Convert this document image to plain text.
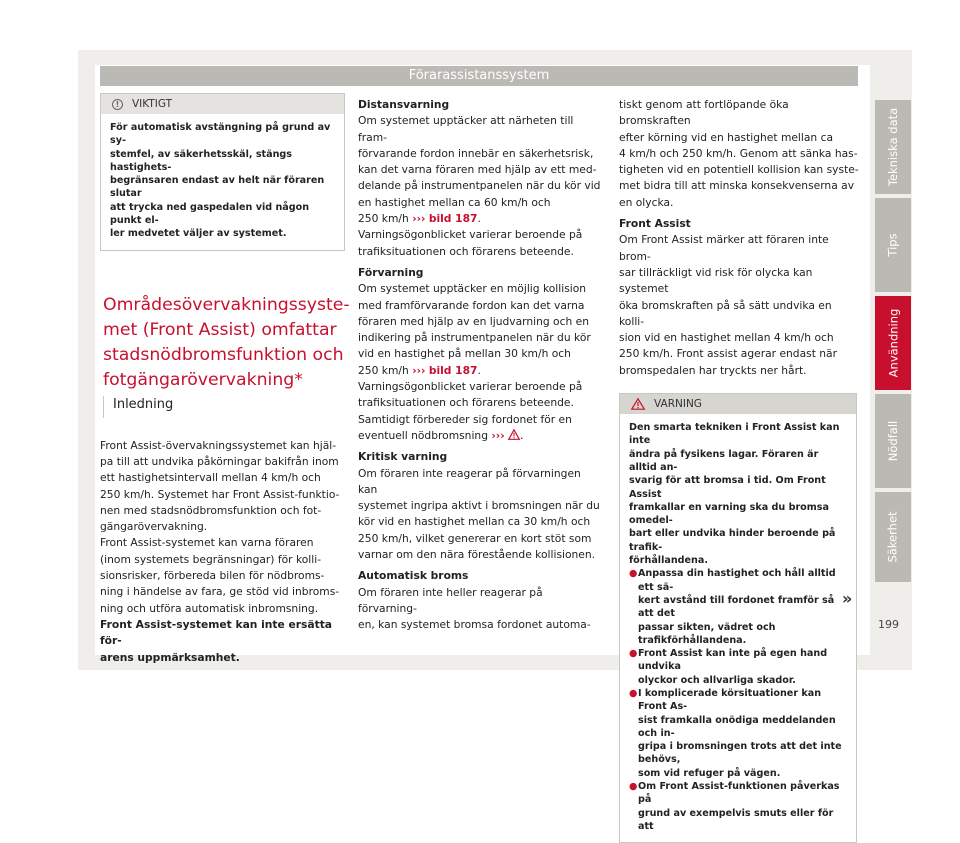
Förarassistanssystem
!	VIKTIGT
För automatisk avstängning på grund av sy-
stemfel, av säkerhetsskäl, stängs hastighets-
begränsaren endast av helt när föraren slutar
att trycka ned gaspedalen vid någon punkt el-
ler medvetet väljer av systemet.
Områdesövervakningssyste-
met (Front Assist) omfattar
stadsnödbromsfunktion och
fotgängarövervakning*
Inledning
Front Assist-övervakningssystemet kan hjäl-
pa till att undvika påkörningar bakifrån inom
ett hastighetsintervall mellan 4 km/h och
250 km/h. Systemet har Front Assist-funktio-
nen med stadsnödbromsfunktion och fot-
gängarövervakning.
Front Assist-systemet kan varna föraren
(inom systemets begränsningar) för kolli-
sionsrisker, förbereda bilen för nödbroms-
ning i händelse av fara, ge stöd vid inbroms-
ning och utföra automatisk inbromsning.
Front Assist-systemet kan inte ersätta för-
arens uppmärksamhet.
Distansvarning
Om systemet upptäcker att närheten till fram-
förvarande fordon innebär en säkerhetsrisk,
kan det varna föraren med hjälp av ett med-
delande på instrumentpanelen när du kör vid
en hastighet mellan ca 60 km/h och
250 km/h ››› bild 187.
Varningsögonblicket varierar beroende på
trafiksituationen och förarens beteende.
Förvarning
Om systemet upptäcker en möjlig kollision
med framförvarande fordon kan det varna
föraren med hjälp av en ljudvarning och en
indikering på instrumentpanelen när du kör
vid en hastighet på mellan 30 km/h och
250 km/h ››› bild 187.
Varningsögonblicket varierar beroende på
trafiksituationen och förarens beteende.
Samtidigt förbereder sig fordonet för en
eventuell nödbromsning ››› .
Kritisk varning
Om föraren inte reagerar på förvarningen kan
systemet ingripa aktivt i bromsningen när du
kör vid en hastighet mellan ca 30 km/h och
250 km/h, vilket genererar en kort stöt som
varnar om den nära förestående kollisionen.
Automatisk broms
Om föraren inte heller reagerar på förvarning-
en, kan systemet bromsa fordonet automa-
tiskt genom att fortlöpande öka bromskraften
efter körning vid en hastighet mellan ca
4 km/h och 250 km/h. Genom att sänka has-
tigheten vid en potentiell kollision kan syste-
met bidra till att minska konsekvenserna av
en olycka.
Front Assist
Om Front Assist märker att föraren inte brom-
sar tillräckligt vid risk för olycka kan systemet
öka bromskraften på så sätt undvika en kolli-
sion vid en hastighet mellan 4 km/h och
250 km/h. Front assist agerar endast när
bromspedalen har tryckts ner hårt.
VARNING
Den smarta tekniken i Front Assist kan inte
ändra på fysikens lagar. Föraren är alltid an-
svarig för att bromsa i tid. Om Front Assist
framkallar en varning ska du bromsa omedel-
bart eller undvika hinder beroende på trafik-
förhållandena.
● Anpassa din hastighet och håll alltid ett sä-
kert avstånd till fordonet framför så att det
passar sikten, vädret och trafikförhållandena.
● Front Assist kan inte på egen hand undvika
olyckor och allvarliga skador.
● I komplicerade körsituationer kan Front As-
sist framkalla onödiga meddelanden och in-
gripa i bromsningen trots att det inte behövs,
som vid refuger på vägen.
● Om Front Assist-funktionen påverkas på
grund av exempelvis smuts eller för att
»
Tekniska data
Tips
Användning
Nödfall
Säkerhet
199
